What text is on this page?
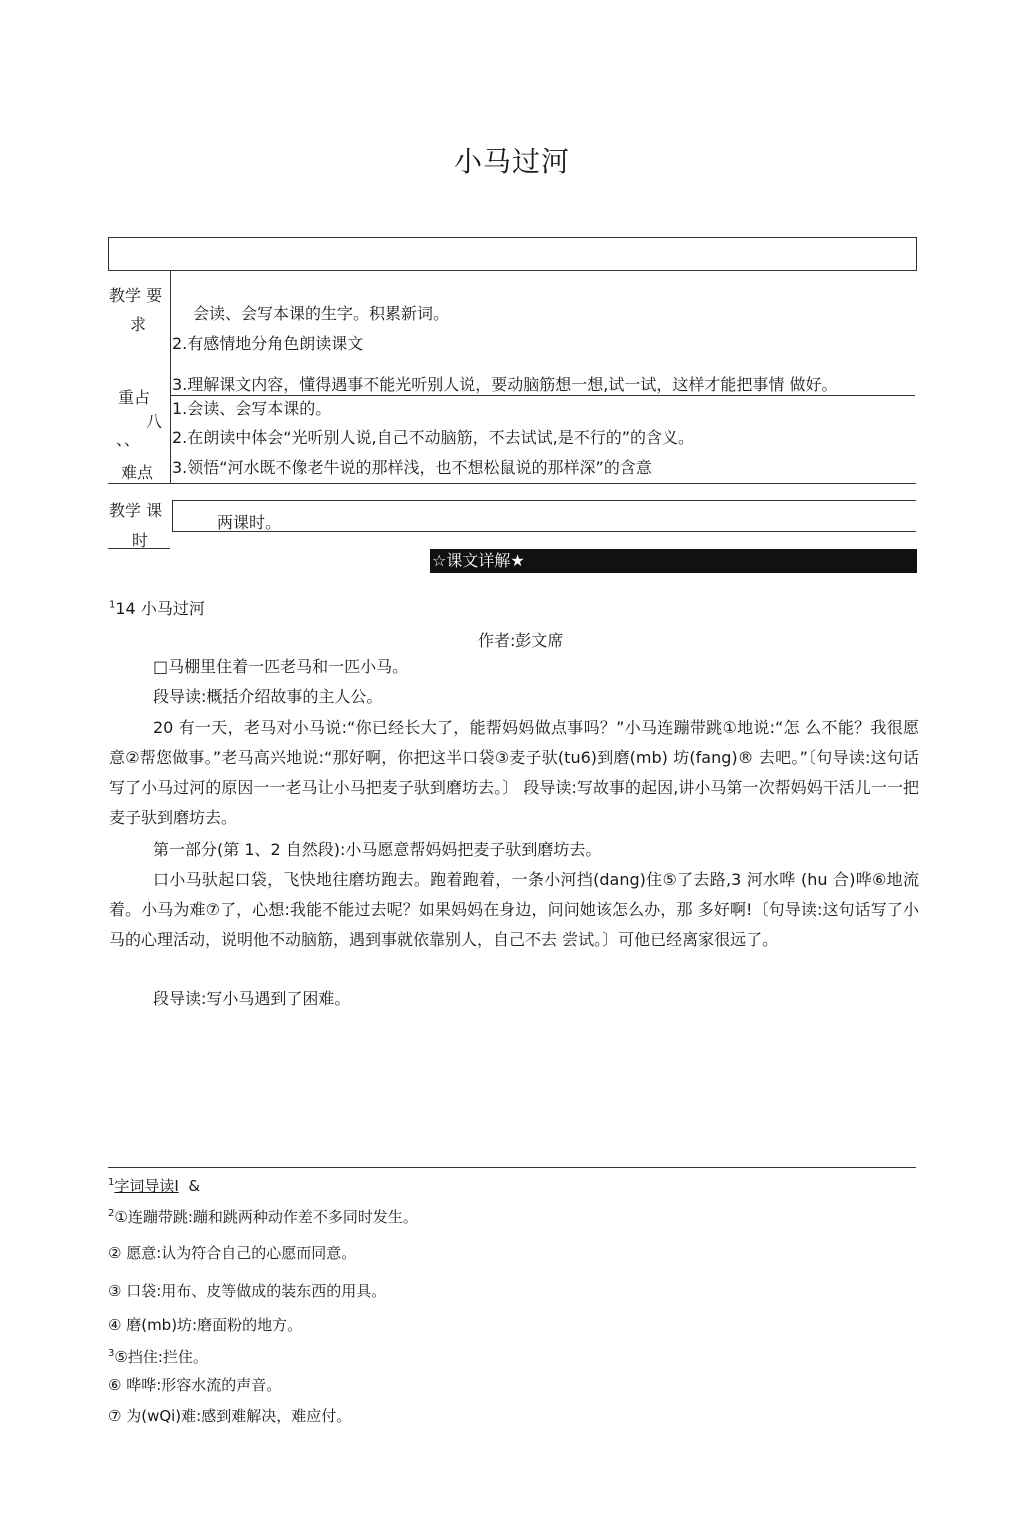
小马过河
教学 要
求
会读、会写本课的生字。积累新词。
2.有感情地分角色朗读课文
3.理解课文内容，懂得遇事不能光听别人说，要动脑筋想一想,试一试，这样才能把事情 做好。
重占
八
、、
难点
1.会读、会写本课的。
2.在朗读中体会“光听别人说,自己不动脑筋，不去试试,是不行的”的含义。
3.领悟“河水既不像老牛说的那样浅，也不想松鼠说的那样深”的含意
教学 课
时
两课时。
☆课文详解★
$^1$14 小马过河
作者:彭文席
□马棚里住着一匹老马和一匹小马。
段导读:概括介绍故事的主人公。
20 有一天，老马对小马说:“你已经长大了，能帮妈妈做点事吗？”小马连蹦带跳①地说:“怎 么不能？我很愿意②帮您做事。”老马高兴地说:“那好啊，你把这半口袋③麦子驮(tu6)到磨(mb) 坊(fang)® 去吧。”〔句导读:这句话写了小马过河的原因一一老马让小马把麦子驮到磨坊去。〕 段导读:写故事的起因,讲小马第一次帮妈妈干活儿一一把麦子驮到磨坊去。
第一部分(第 1、2 自然段):小马愿意帮妈妈把麦子驮到磨坊去。
口小马驮起口袋，飞快地往磨坊跑去。跑着跑着，一条小河挡(dang)住⑤了去路,3 河水哗 (hu 合)哗⑥地流着。小马为难⑦了，心想:我能不能过去呢？如果妈妈在身边，问问她该怎么办，那 多好啊!〔句导读:这句话写了小马的心理活动，说明他不动脑筋，遇到事就依靠别人，自己不去 尝试。〕可他已经离家很远了。
段导读:写小马遇到了困难。
$^1$字词导读I &
$^2$①连蹦带跳:蹦和跳两种动作差不多同时发生。
② 愿意:认为符合自己的心愿而同意。
③ 口袋:用布、皮等做成的装东西的用具。
④ 磨(mb)坊:磨面粉的地方。
$^3$⑤挡住:拦住。
⑥ 哗哗:形容水流的声音。
⑦ 为(wQi)难:感到难解决，难应付。
